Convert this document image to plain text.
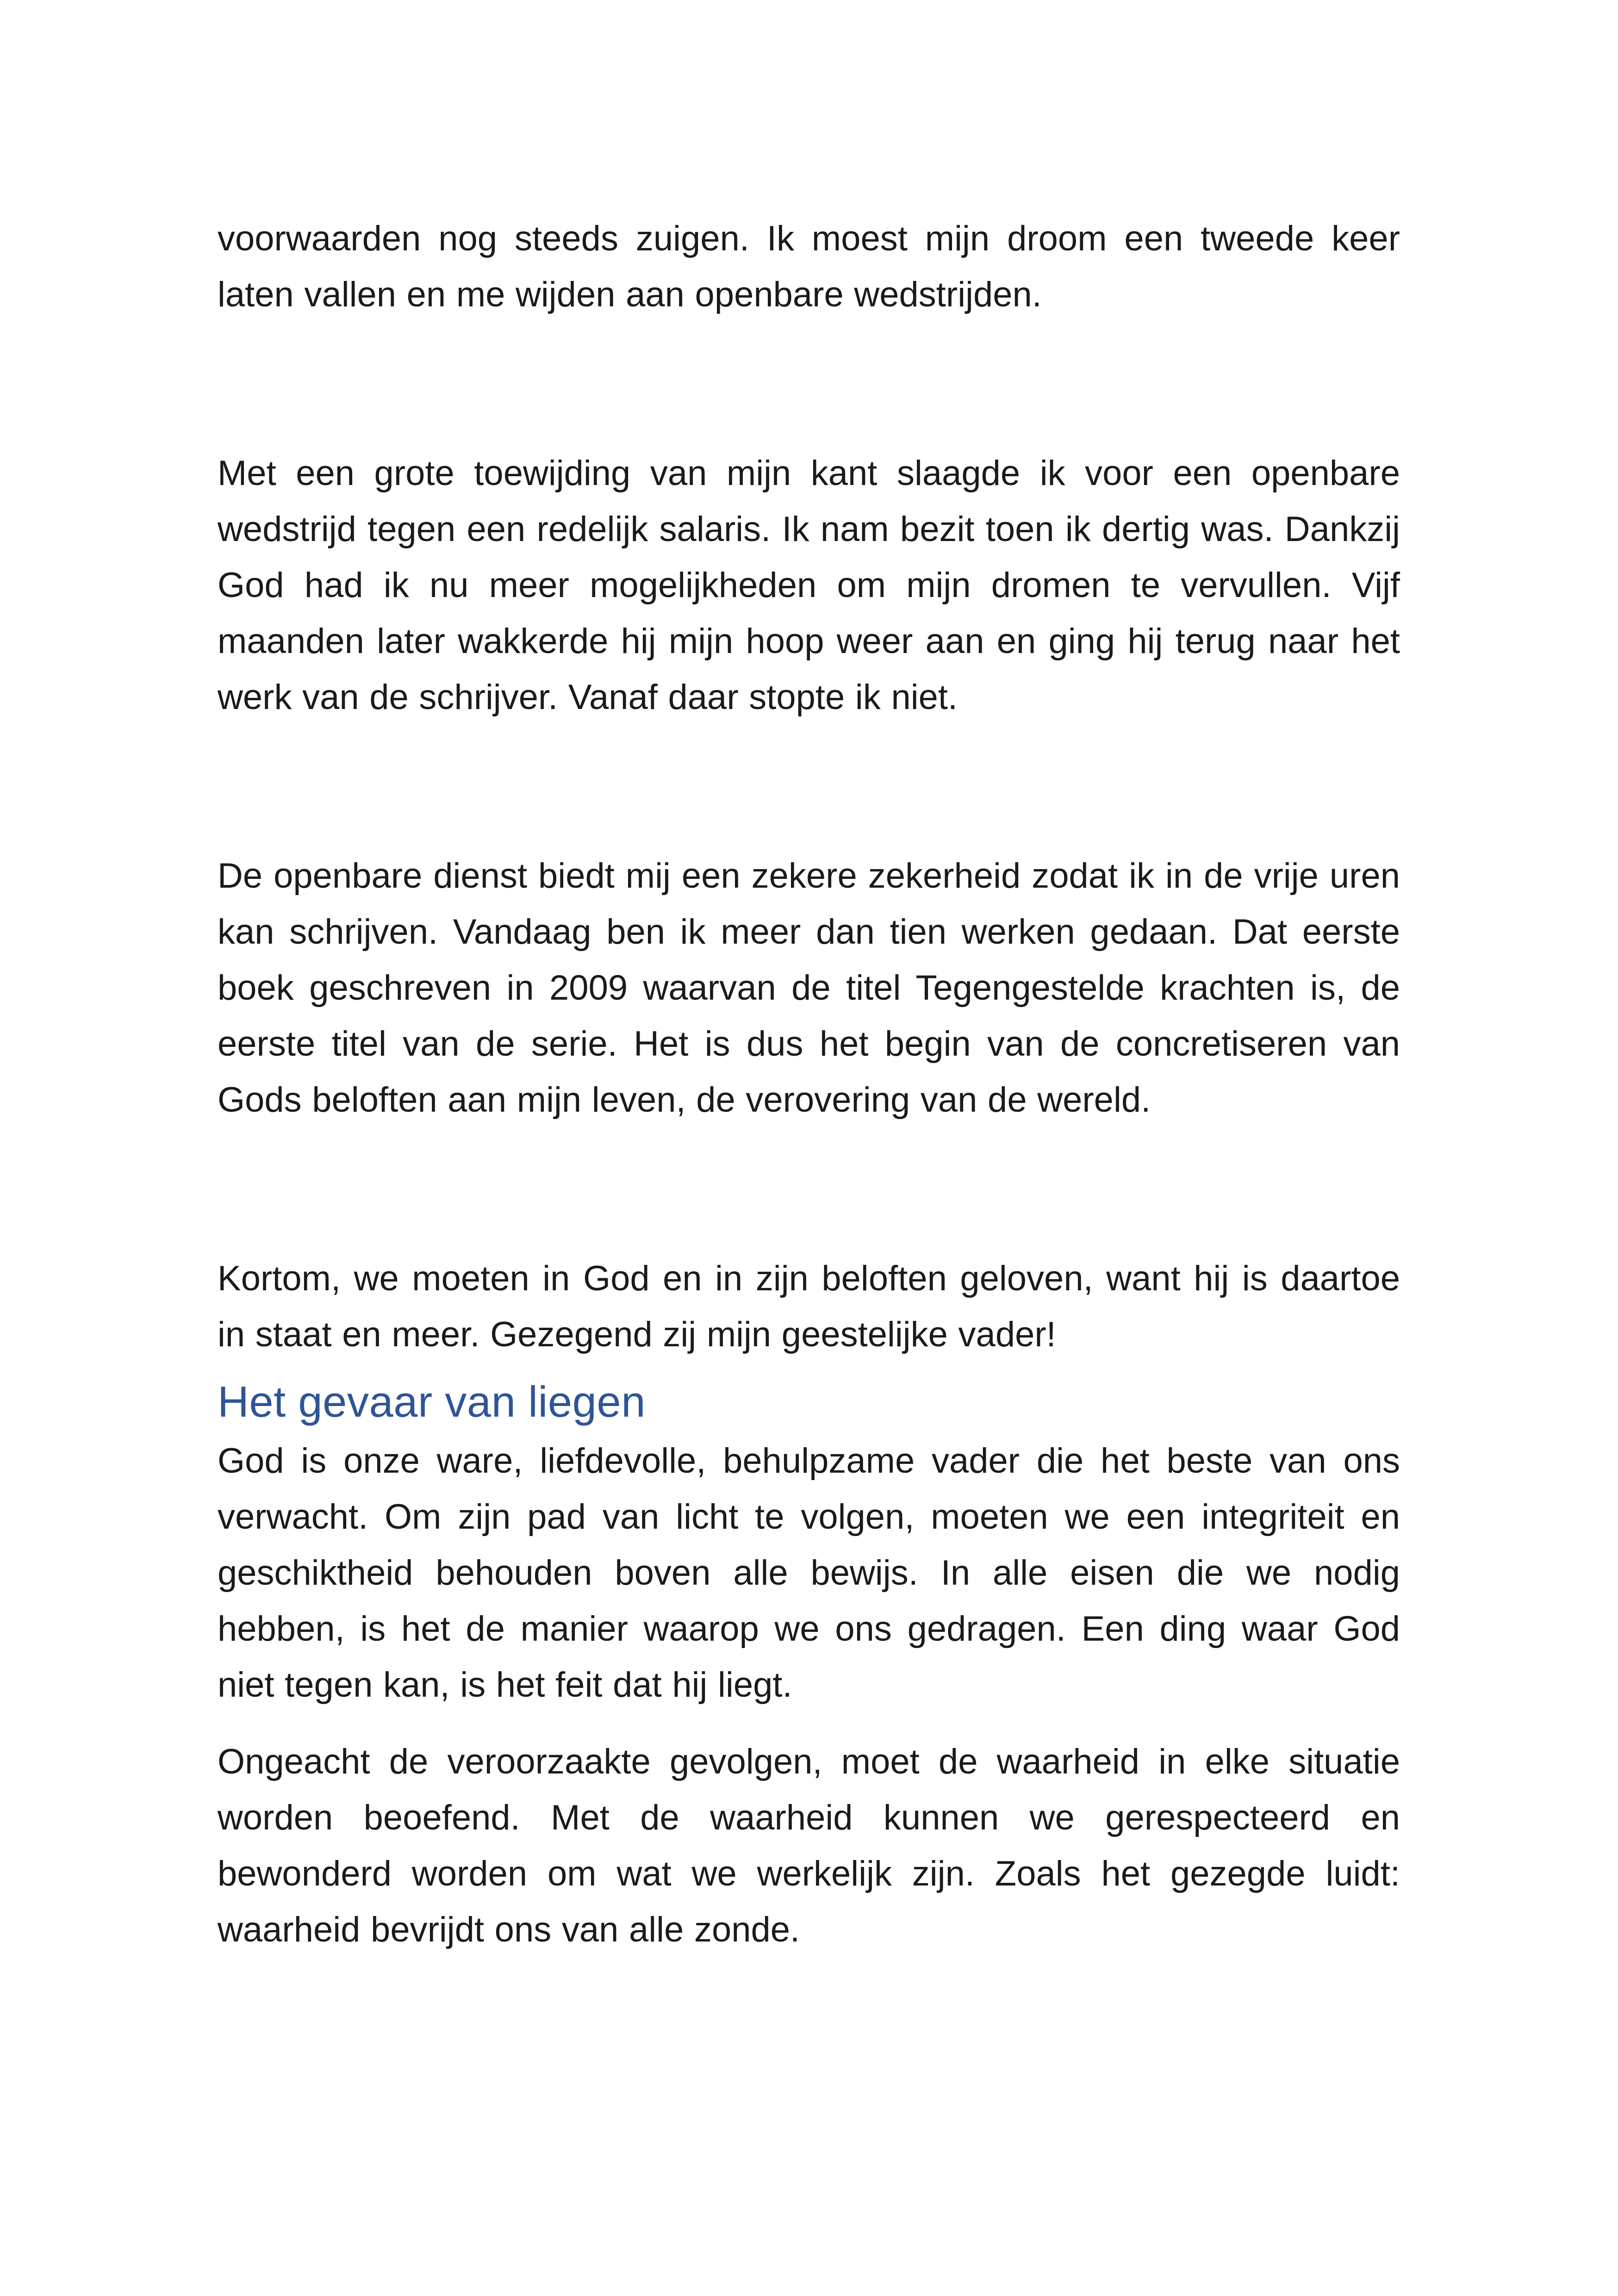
voorwaarden nog steeds zuigen. Ik moest mijn droom een tweede keer laten vallen en me wijden aan openbare wedstrijden.

Met een grote toewijding van mijn kant slaagde ik voor een openbare wedstrijd tegen een redelijk salaris. Ik nam bezit toen ik dertig was. Dankzij God had ik nu meer mogelijkheden om mijn dromen te vervullen. Vijf maanden later wakkerde hij mijn hoop weer aan en ging hij terug naar het werk van de schrijver. Vanaf daar stopte ik niet.

De openbare dienst biedt mij een zekere zekerheid zodat ik in de vrije uren kan schrijven. Vandaag ben ik meer dan tien werken gedaan. Dat eerste boek geschreven in 2009 waarvan de titel Tegengestelde krachten is, de eerste titel van de serie. Het is dus het begin van de concretiseren van Gods beloften aan mijn leven, de verovering van de wereld.

Kortom, we moeten in God en in zijn beloften geloven, want hij is daartoe in staat en meer. Gezegend zij mijn geestelijke vader!

Het gevaar van liegen

God is onze ware, liefdevolle, behulpzame vader die het beste van ons verwacht. Om zijn pad van licht te volgen, moeten we een integriteit en geschiktheid behouden boven alle bewijs. In alle eisen die we nodig hebben, is het de manier waarop we ons gedragen. Een ding waar God niet tegen kan, is het feit dat hij liegt.

Ongeacht de veroorzaakte gevolgen, moet de waarheid in elke situatie worden beoefend. Met de waarheid kunnen we gerespecteerd en bewonderd worden om wat we werkelijk zijn. Zoals het gezegde luidt: waarheid bevrijdt ons van alle zonde.
